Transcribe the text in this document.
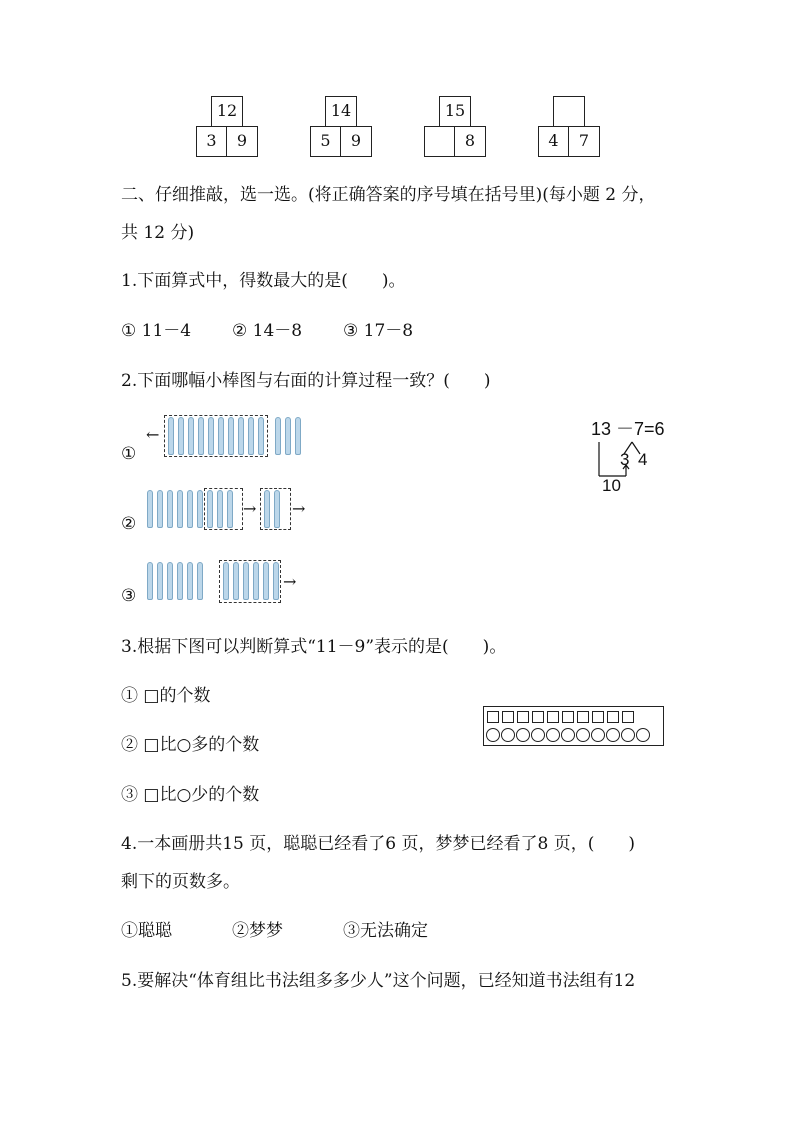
12
3	9
14
5	9
15
8	4	7
二、仔细推敲，选一选。(将正确答案的序号填在括号里)(每小题 2 分，
共 12 分)
1.下面算式中，得数最大的是(　　)。
① 11－4 ② 14－8 ③ 17－8
2.下面哪幅小棒图与右面的计算过程一致？(　　)
①
②
③
←
→ →
→
13 －7=6
3 4
10
3.根据下图可以判断算式“11－9”表示的是(　　)。
① □的个数
② □比○多的个数
③ □比○少的个数
4.一本画册共15 页，聪聪已经看了6 页，梦梦已经看了8 页，(　　)
剩下的页数多。
①聪聪	②梦梦	③无法确定
5.要解决“体育组比书法组多多少人”这个问题，已经知道书法组有12
